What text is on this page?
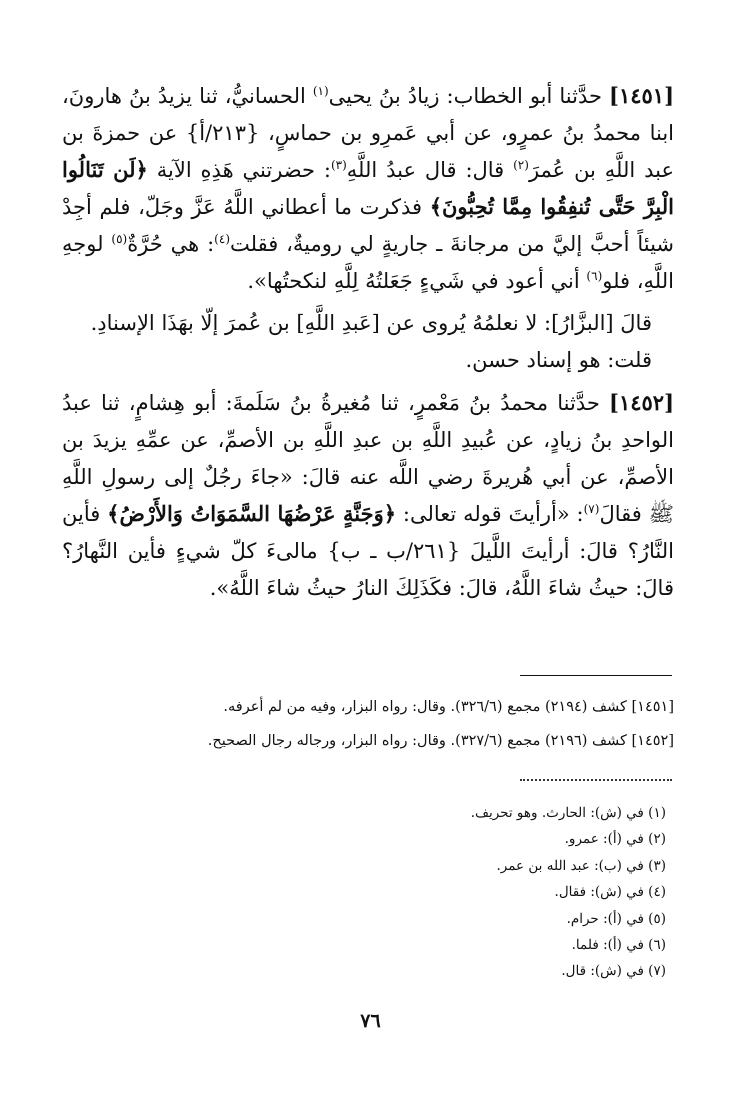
[١٤٥١] حدَّثنا أبو الخطاب: زيادُ بنُ يحيى$^{(١)}$ الحسانيُّ، ثنا يزيدُ بنُ هارونَ، ابنا محمدُ بنُ عمرٍو، عن أبي عَمرِو بن حماسٍ، {٢١٣/أ} عن حمزةَ بن عبد اللَّهِ بن عُمرَ$^{(٢)}$ قال: قال عبدُ اللَّهِ$^{(٣)}$: حضرتني هَذِهِ الآية ﴿لَن تَنَالُوا الْبِرَّ حَتَّى تُنفِقُوا مِمَّا تُحِبُّونَ﴾ فذكرت ما أعطاني اللَّهُ عَزَّ وجَلّ، فلم أجِدْ شيئاً أحبَّ إليَّ من مرجانةَ ـ جاريةٍ لي روميةٌ، فقلت$^{(٤)}$: هي حُرَّةٌ$^{(٥)}$ لوجهِ اللَّهِ، فلو$^{(٦)}$ أني أعود في شَيءٍ جَعَلتُهُ لِلَّهِ لنكحتُها».

قالَ [البزَّارُ]: لا نعلمُهُ يُروى عن [عَبدِ اللَّهِ] بن عُمرَ إلّا بهَذَا الإسنادِ.

قلت: هو إسناد حسن.

[١٤٥٢] حدَّثنا محمدُ بنُ مَعْمرٍ، ثنا مُغيرةُ بنُ سَلَمةَ: أبو هِشامٍ، ثنا عبدُ الواحدِ بنُ زيادٍ، عن عُبيدِ اللَّهِ بن عبدِ اللَّهِ بن الأصمِّ، عن عمِّهِ يزيدَ بن الأصمِّ، عن أبي هُريرةَ رضي اللَّه عنه قالَ: «جاءَ رجُلٌ إلى رسولِ اللَّهِ ﷺ فقالَ$^{(٧)}$: «أرأيتَ قوله تعالى: ﴿وَجَنَّةٍ عَرْضُهَا السَّمَوَاتُ وَالأَرْضُ﴾ فأين النَّارُ؟ قالَ: أرأيتَ اللَّيلَ {٢٦١/ب ـ ب} مالىءَ كلّ شيءٍ فأين النَّهارُ؟ قالَ: حيثُ شاءَ اللَّهُ، قالَ: فكَذَلِكَ النارُ حيثُ شاءَ اللَّهُ».

[١٤٥١] كشف (٢١٩٤) مجمع (٣٢٦/٦). وقال: رواه البزار، وفيه من لم أعرفه.

[١٤٥٢] كشف (٢١٩٦) مجمع (٣٢٧/٦). وقال: رواه البزار، ورجاله رجال الصحيح.

(١) في (ش): الحارث. وهو تحريف.

(٢) في (أ): عمرو.

(٣) في (ب): عبد الله بن عمر.

(٤) في (ش): فقال.

(٥) في (أ): حرام.

(٦) في (أ): فلما.

(٧) في (ش): قال.

٧٦
